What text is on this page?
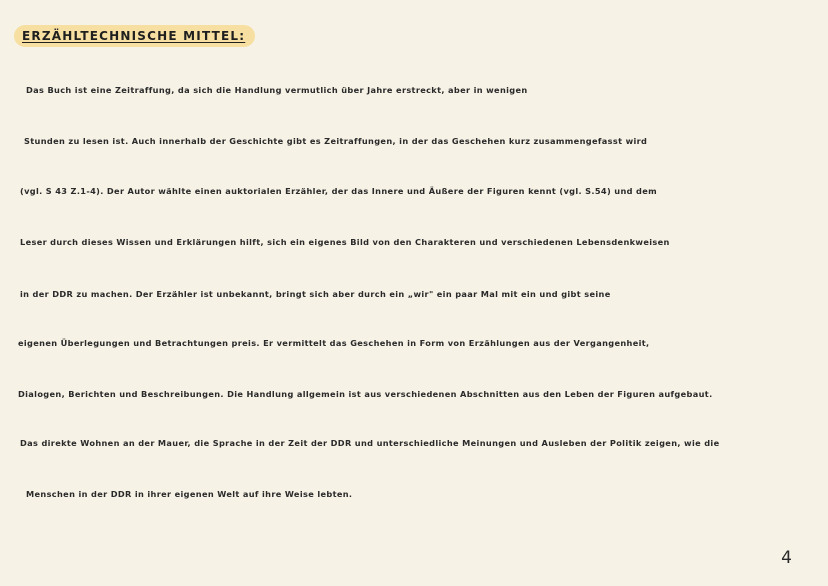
ERZÄHLTECHNISCHE MITTEL:
Das Buch ist eine Zeitraffung, da sich die Handlung vermutlich über Jahre erstreckt, aber in wenigen
Stunden zu lesen ist. Auch innerhalb der Geschichte gibt es Zeitraffungen, in der das Geschehen kurz zusammengefasst wird
(vgl. S 43 Z.1-4). Der Autor wählte einen auktorialen Erzähler, der das Innere und Äußere der Figuren kennt (vgl. S.54) und dem
Leser durch dieses Wissen und Erklärungen hilft, sich ein eigenes Bild von den Charakteren und verschiedenen Lebensdenkweisen
in der DDR zu machen. Der Erzähler ist unbekannt, bringt sich aber durch ein „wir" ein paar Mal mit ein und gibt seine
eigenen Überlegungen und Betrachtungen preis. Er vermittelt das Geschehen in Form von Erzählungen aus der Vergangenheit,
Dialogen, Berichten und Beschreibungen. Die Handlung allgemein ist aus verschiedenen Abschnitten aus den Leben der Figuren aufgebaut.
Das direkte Wohnen an der Mauer, die Sprache in der Zeit der DDR und unterschiedliche Meinungen und Ausleben der Politik zeigen, wie die
Menschen in der DDR in ihrer eigenen Welt auf ihre Weise lebten.
4
